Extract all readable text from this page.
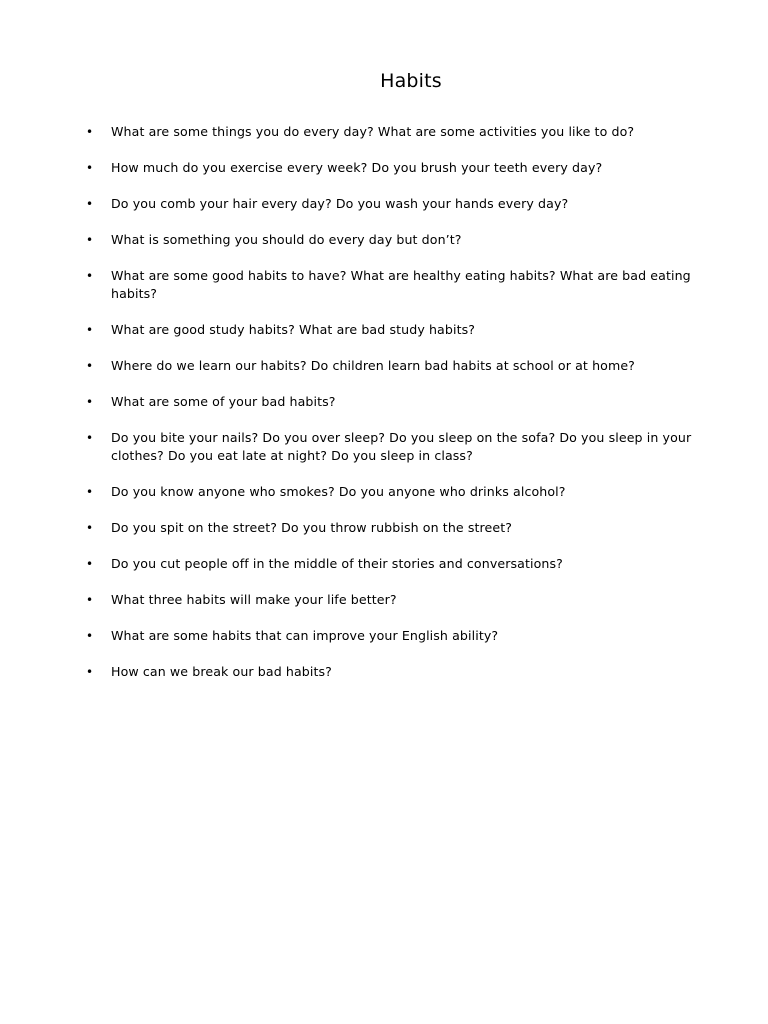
Habits
• What are some things you do every day? What are some activities you like to do?
• How much do you exercise every week? Do you brush your teeth every day?
• Do you comb your hair every day? Do you wash your hands every day?
• What is something you should do every day but don’t?
• What are some good habits to have? What are healthy eating habits? What are bad eating habits?
• What are good study habits? What are bad study habits?
• Where do we learn our habits? Do children learn bad habits at school or at home?
• What are some of your bad habits?
• Do you bite your nails? Do you over sleep? Do you sleep on the sofa? Do you sleep in your clothes? Do you eat late at night? Do you sleep in class?
• Do you know anyone who smokes? Do you anyone who drinks alcohol?
• Do you spit on the street? Do you throw rubbish on the street?
• Do you cut people off in the middle of their stories and conversations?
• What three habits will make your life better?
• What are some habits that can improve your English ability?
• How can we break our bad habits?
